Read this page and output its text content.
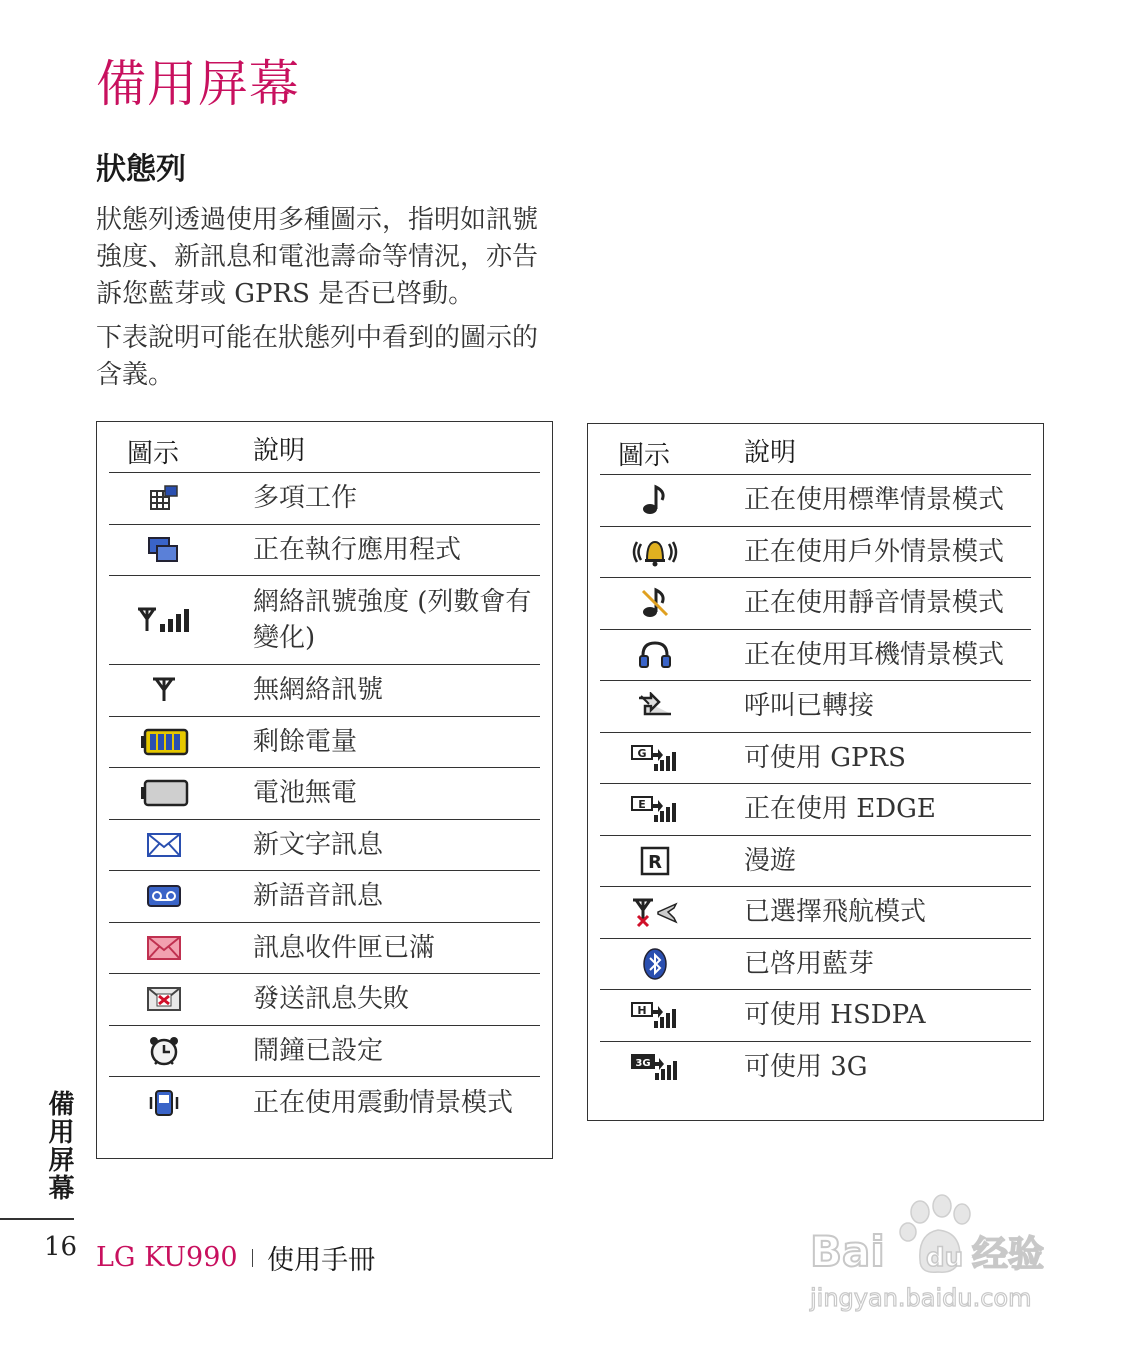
備用屏幕
狀態列

狀態列透過使用多種圖示，指明如訊號強度、新訊息和電池壽命等情況，亦告訴您藍芽或 GPRS 是否已啓動。

下表說明可能在狀態列中看到的圖示的含義。

圖示	說明
多項工作
正在執行應用程式
網絡訊號強度 (列數會有變化)
無網絡訊號
剩餘電量
電池無電
新文字訊息
新語音訊息
訊息收件匣已滿
發送訊息失敗
鬧鐘已設定
正在使用震動情景模式
圖示	說明
正在使用標準情景模式
正在使用戶外情景模式
正在使用靜音情景模式
正在使用耳機情景模式
呼叫已轉接
G	可使用 GPRS
E	正在使用 EDGE
R	漫遊
已選擇飛航模式
已啓用藍芽
H	可使用 HSDPA
3G	可使用 3G
備用屏幕
16 LG KU990 使用手冊	Bai du 经验
jingyan.baidu.com
